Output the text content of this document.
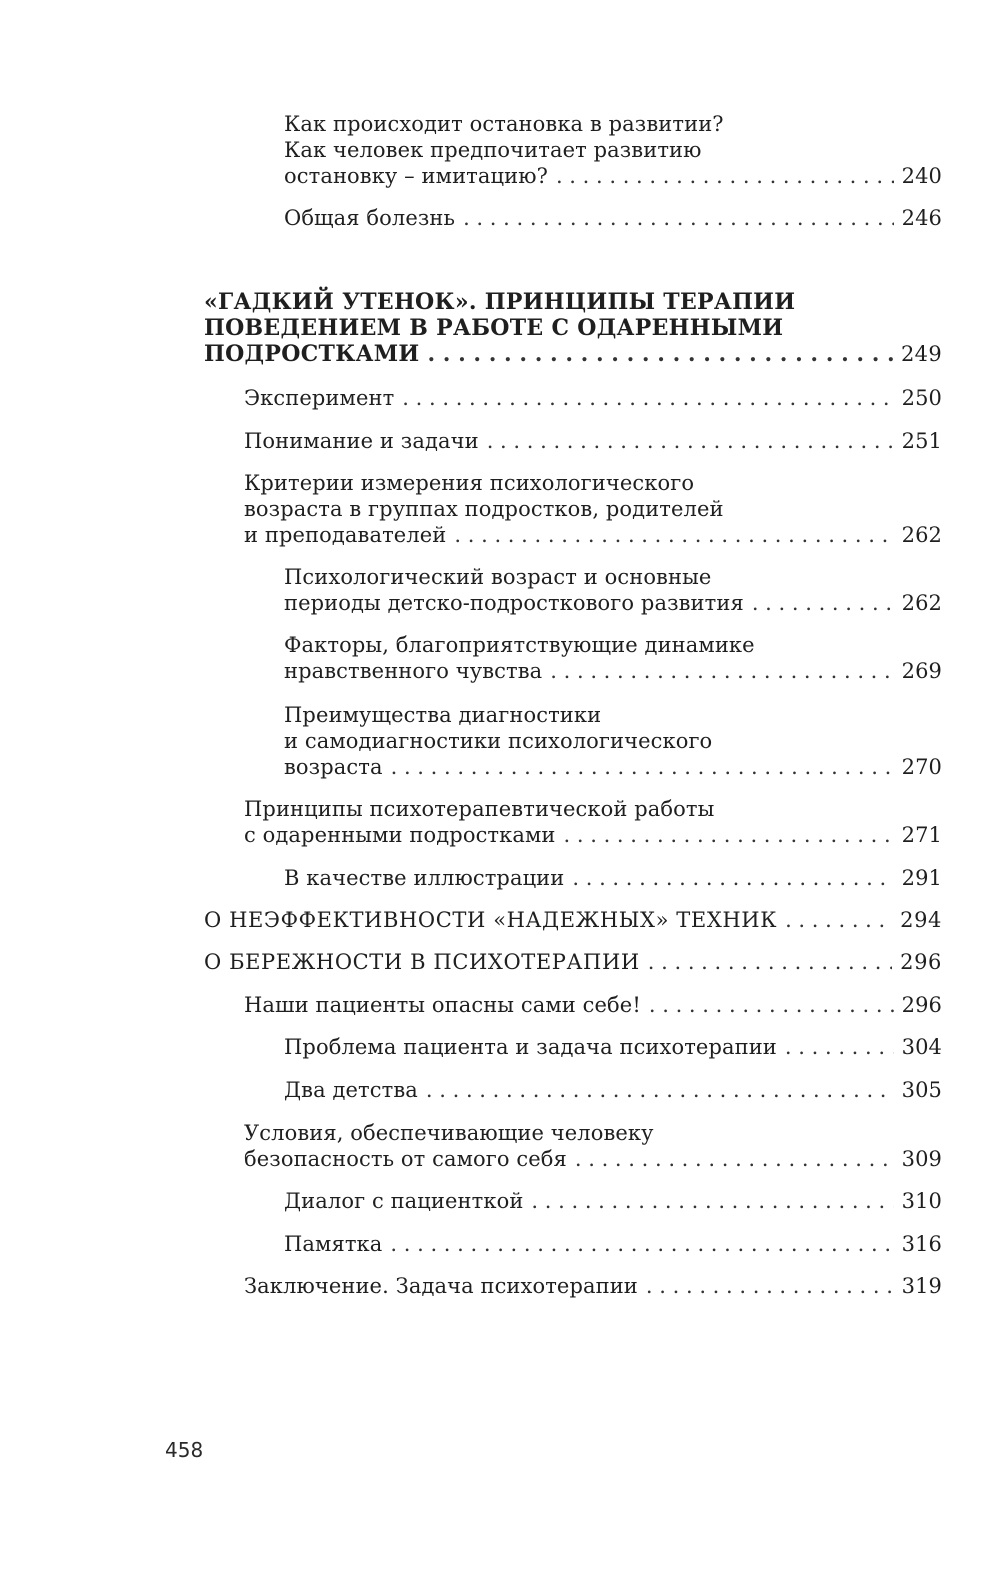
Как происходит остановка в развитии?
Как человек предпочитает развитию
остановку – имитацию? . . .	240
Общая болезнь . . .	246
«ГАДКИЙ УТЕНОК». ПРИНЦИПЫ ТЕРАПИИ
ПОВЕДЕНИЕМ В РАБОТЕ С ОДАРЕННЫМИ
ПОДРОСТКАМИ . . .	249
Эксперимент . . .	250
Понимание и задачи . . .	251
Критерии измерения психологического
возраста в группах подростков, родителей
и преподавателей . . .	262
Психологический возраст и основные
периоды детско-подросткового развития . . .	262
Факторы, благоприятствующие динамике
нравственного чувства . . .	269
Преимущества диагностики
и самодиагностики психологического
возраста . . .	270
Принципы психотерапевтической работы
с одаренными подростками . . .	271
В качестве иллюстрации . . .	291
О НЕЭФФЕКТИВНОСТИ «НАДЕЖНЫХ» ТЕХНИК . . .	294
О БЕРЕЖНОСТИ В ПСИХОТЕРАПИИ . . .	296
Наши пациенты опасны сами себе! . . .	296
Проблема пациента и задача психотерапии . . .	304
Два детства . . .	305
Условия, обеспечивающие человеку
безопасность от самого себя . . .	309
Диалог с пациенткой . . .	310
Памятка . . .	316
Заключение. Задача психотерапии . . .	319
458
